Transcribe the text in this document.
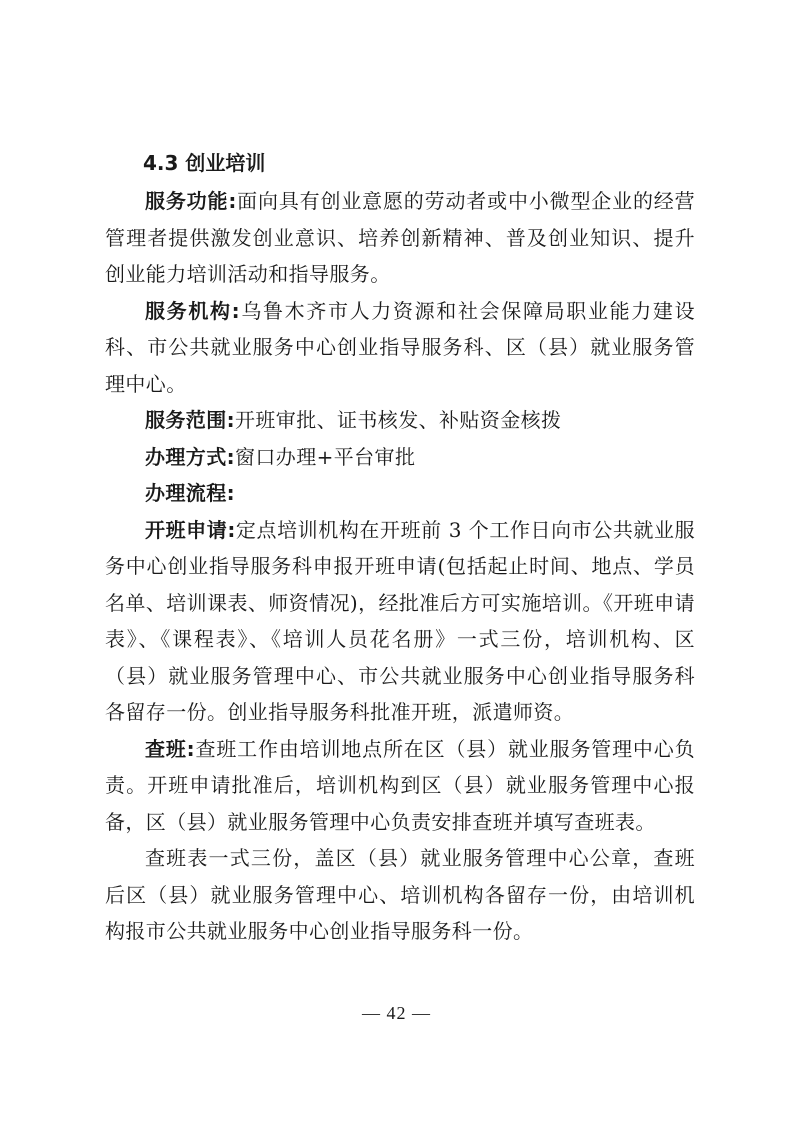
4.3 创业培训

服务功能:面向具有创业意愿的劳动者或中小微型企业的经营管理者提供激发创业意识、培养创新精神、普及创业知识、提升创业能力培训活动和指导服务。

服务机构:乌鲁木齐市人力资源和社会保障局职业能力建设科、市公共就业服务中心创业指导服务科、区（县）就业服务管理中心。

服务范围:开班审批、证书核发、补贴资金核拨

办理方式:窗口办理+平台审批

办理流程:

开班申请:定点培训机构在开班前 3 个工作日向市公共就业服务中心创业指导服务科申报开班申请(包括起止时间、地点、学员名单、培训课表、师资情况)，经批准后方可实施培训。《开班申请表》、《课程表》、《培训人员花名册》一式三份，培训机构、区（县）就业服务管理中心、市公共就业服务中心创业指导服务科各留存一份。创业指导服务科批准开班，派遣师资。

查班:查班工作由培训地点所在区（县）就业服务管理中心负责。开班申请批准后，培训机构到区（县）就业服务管理中心报备，区（县）就业服务管理中心负责安排查班并填写查班表。

查班表一式三份，盖区（县）就业服务管理中心公章，查班后区（县）就业服务管理中心、培训机构各留存一份，由培训机构报市公共就业服务中心创业指导服务科一份。

— 42 —
